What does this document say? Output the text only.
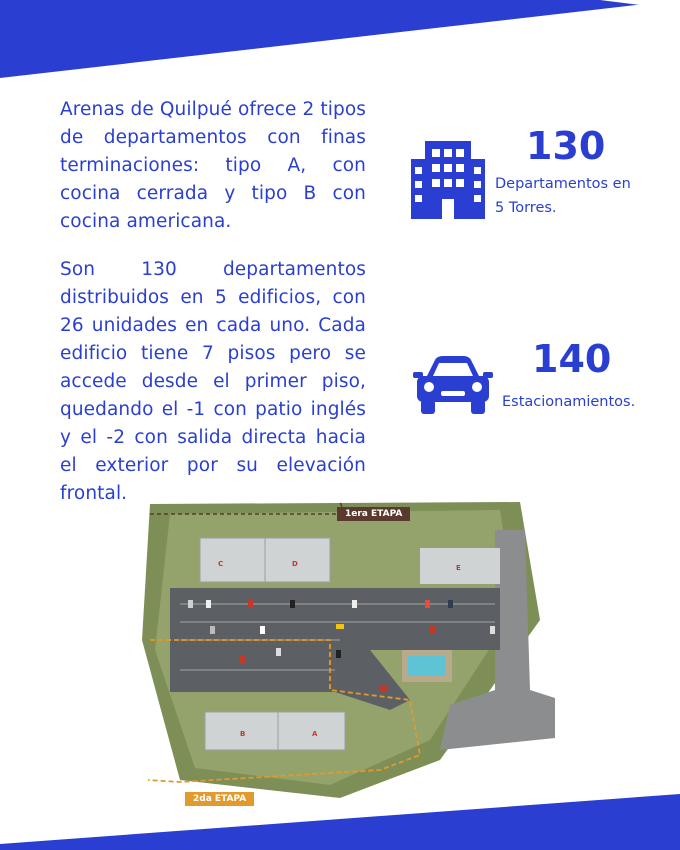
Arenas de Quilpué ofrece 2 tipos de departamentos con finas terminaciones: tipo A, con cocina cerrada y tipo B con cocina americana.

Son 130 departamentos distribuidos en 5 edificios, con 26 unidades en cada uno. Cada edificio tiene 7 pisos pero se accede desde el primer piso, quedando el -1 con patio inglés y el -2 con salida directa hacia el exterior por su elevación frontal.

130

Departamentos en

5 Torres.

140

Estacionamientos.

C	D	E
B	A
1era ETAPA
2da ETAPA
